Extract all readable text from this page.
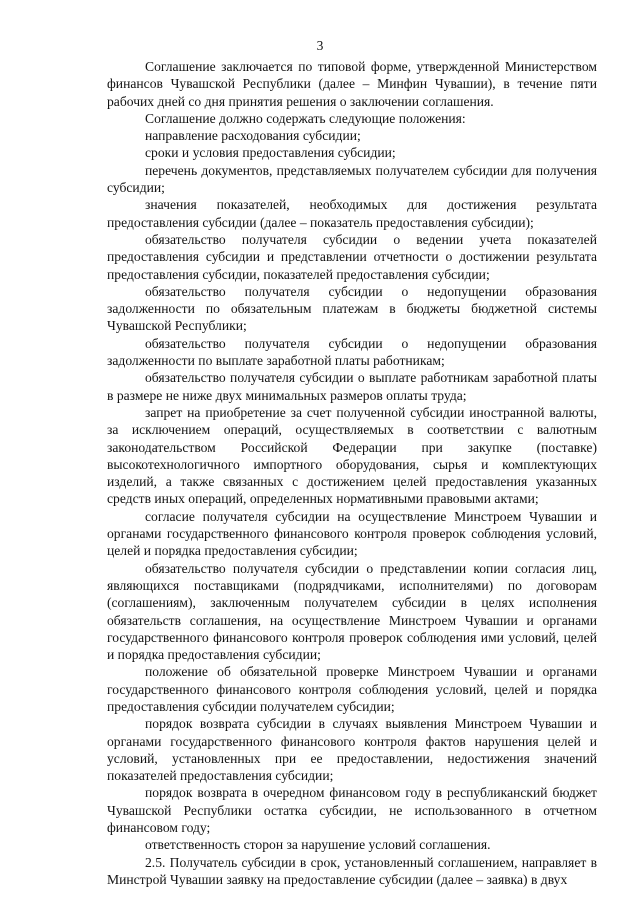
3

Соглашение заключается по типовой форме, утвержденной Министерством финансов Чувашской Республики (далее – Минфин Чувашии), в течение пяти рабочих дней со дня принятия решения о заключении соглашения.

Соглашение должно содержать следующие положения:

направление расходования субсидии;

сроки и условия предоставления субсидии;

перечень документов, представляемых получателем субсидии для получения субсидии;

значения показателей, необходимых для достижения результата предоставления субсидии (далее – показатель предоставления субсидии);

обязательство получателя субсидии о ведении учета показателей предоставления субсидии и представлении отчетности о достижении результата предоставления субсидии, показателей предоставления субсидии;

обязательство получателя субсидии о недопущении образования задолженности по обязательным платежам в бюджеты бюджетной системы Чувашской Республики;

обязательство получателя субсидии о недопущении образования задолженности по выплате заработной платы работникам;

обязательство получателя субсидии о выплате работникам заработной платы в размере не ниже двух минимальных размеров оплаты труда;

запрет на приобретение за счет полученной субсидии иностранной валюты, за исключением операций, осуществляемых в соответствии с валютным законодательством Российской Федерации при закупке (поставке) высокотехнологичного импортного оборудования, сырья и комплектующих изделий, а также связанных с достижением целей предоставления указанных средств иных операций, определенных нормативными правовыми актами;

согласие получателя субсидии на осуществление Минстроем Чувашии и органами государственного финансового контроля проверок соблюдения условий, целей и порядка предоставления субсидии;

обязательство получателя субсидии о представлении копии согласия лиц, являющихся поставщиками (подрядчиками, исполнителями) по договорам (соглашениям), заключенным получателем субсидии в целях исполнения обязательств соглашения, на осуществление Минстроем Чувашии и органами государственного финансового контроля проверок соблюдения ими условий, целей и порядка предоставления субсидии;

положение об обязательной проверке Минстроем Чувашии и органами государственного финансового контроля соблюдения условий, целей и порядка предоставления субсидии получателем субсидии;

порядок возврата субсидии в случаях выявления Минстроем Чувашии и органами государственного финансового контроля фактов нарушения целей и условий, установленных при ее предоставлении, недостижения значений показателей предоставления субсидии;

порядок возврата в очередном финансовом году в республиканский бюджет Чувашской Республики остатка субсидии, не использованного в отчетном финансовом году;

ответственность сторон за нарушение условий соглашения.

2.5. Получатель субсидии в срок, установленный соглашением, направляет в Минстрой Чувашии заявку на предоставление субсидии (далее – заявка) в двух
